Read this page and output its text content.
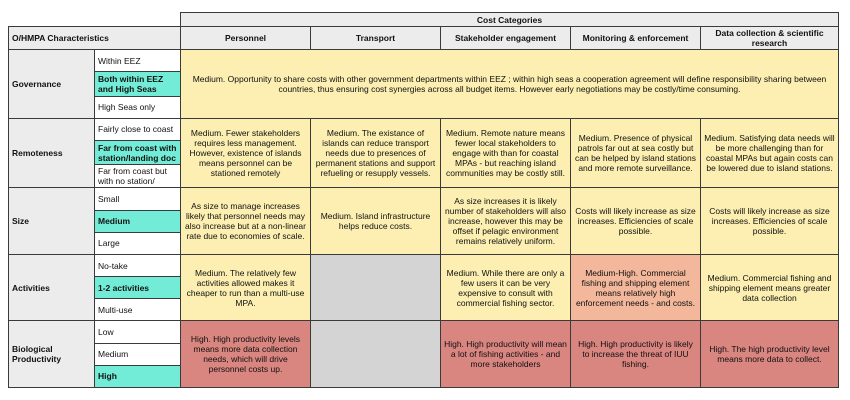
		Cost Categories				
O/HMPA Characteristics		Personnel	Transport	Stakeholder engagement	Monitoring & enforcement	Data collection & scientific research
Governance	Within EEZ	Medium. Opportunity to share costs with other government departments within EEZ ; within high seas a cooperation agreement will define responsibility sharing between countries, thus ensuring cost synergies across all budget items. However early negotiations may be costly/time consuming.				
	Both within EEZ and High Seas					
	High Seas only					
Remoteness	Fairly close to coast	Medium. Fewer stakeholders requires less management. However, existence of islands means personnel can be stationed remotely	Medium. The existance of islands can reduce transport needs due to presences of permanent stations and support refueling or resupply vessels.	Medium. Remote nature means fewer local stakeholders to engage with than for coastal MPAs - but reaching island communities may be costly still.	Medium. Presence of physical patrols far out at sea costly but can be helped by island stations and more remote surveillance.	Medium. Satisfying data needs will be more challenging than for coastal MPAs but again costs can be lowered due to island stations.
	Far from coast with station/landing doc					
	Far from coast but with no station/					
Size	Small	As size to manage increases likely that personnel needs may also increase but at a non-linear rate due to economies of scale.	Medium. Island infrastructure helps reduce costs.	As size increases it is likely number of stakeholders will also increase, however this may be offset if pelagic environment remains relatively uniform.	Costs will likely increase as size increases. Efficiencies of scale possible.	Costs will likely increase as size increases. Efficiencies of scale possible.
	Medium					
	Large					
Activities	No-take	Medium. The relatively few activities allowed makes it cheaper to run than a multi-use MPA.		Medium. While there are only a few users it can be very expensive to consult with commercial fishing sector.	Medium-High. Commercial fishing and shipping element means relatively high enforcement needs - and costs.	Medium. Commercial fishing and shipping element means greater data collection
	1-2 activities					
	Multi-use					
Biological Productivity	Low	High. High productivity levels means more data collection needs, which will drive personnel costs up.		High. High productivity will mean a lot of fishing activities - and more stakeholders	High. High productivity is likely to increase the threat of IUU fishing.	High. The high productivity level means more data to collect.
	Medium					
	High					
